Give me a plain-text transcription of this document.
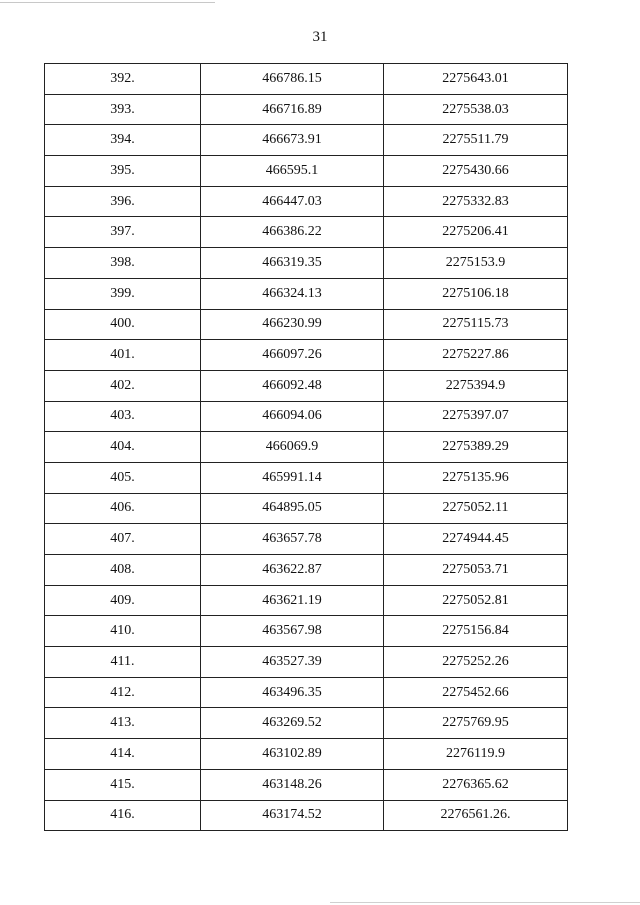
31
392.	466786.15	2275643.01
393.	466716.89	2275538.03
394.	466673.91	2275511.79
395.	466595.1	2275430.66
396.	466447.03	2275332.83
397.	466386.22	2275206.41
398.	466319.35	2275153.9
399.	466324.13	2275106.18
400.	466230.99	2275115.73
401.	466097.26	2275227.86
402.	466092.48	2275394.9
403.	466094.06	2275397.07
404.	466069.9	2275389.29
405.	465991.14	2275135.96
406.	464895.05	2275052.11
407.	463657.78	2274944.45
408.	463622.87	2275053.71
409.	463621.19	2275052.81
410.	463567.98	2275156.84
411.	463527.39	2275252.26
412.	463496.35	2275452.66
413.	463269.52	2275769.95
414.	463102.89	2276119.9
415.	463148.26	2276365.62
416.	463174.52	2276561.26.
